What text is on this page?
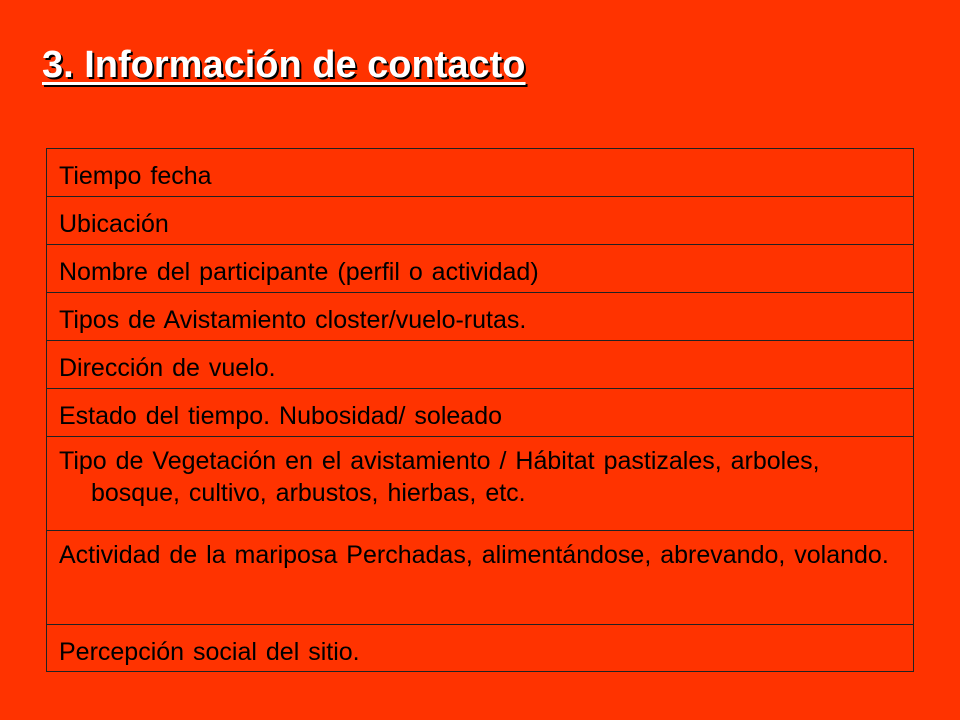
3. Información de contacto
Tiempo fecha
Ubicación
Nombre del participante (perfil o actividad)
Tipos de Avistamiento closter/vuelo-rutas.
Dirección de vuelo.
Estado del tiempo. Nubosidad/ soleado
Tipo de Vegetación en el avistamiento / Hábitat pastizales, arboles, bosque, cultivo, arbustos, hierbas, etc.
Actividad de la mariposa Perchadas, alimentándose, abrevando, volando.
Percepción social del sitio.
